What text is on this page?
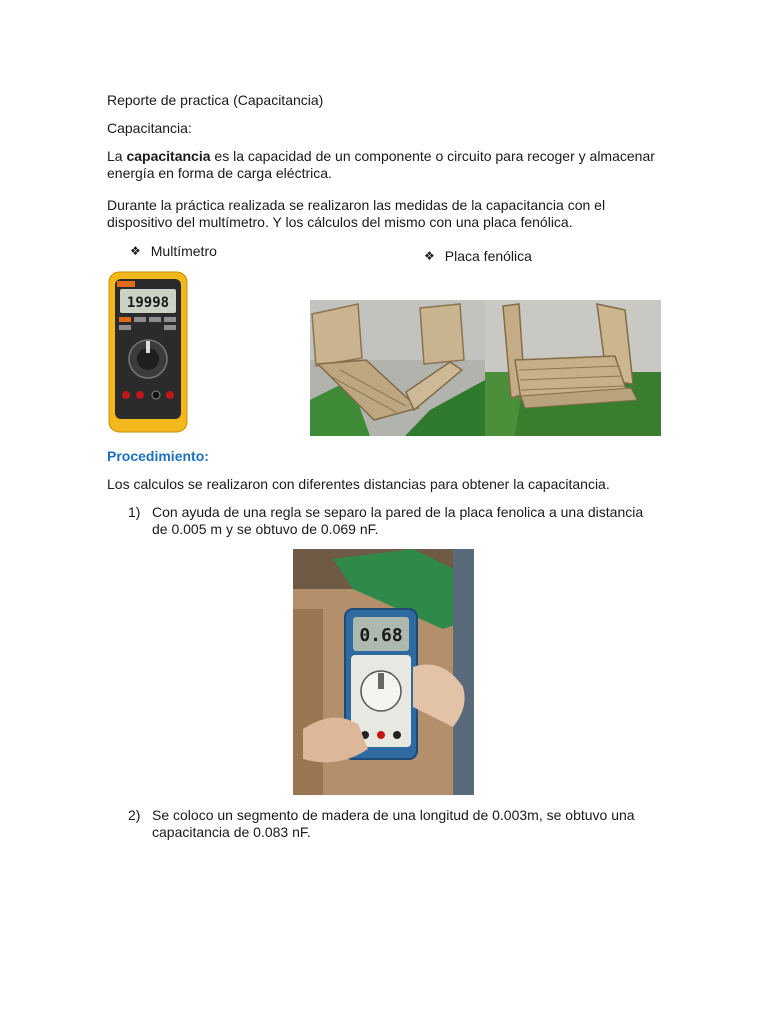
Reporte de practica (Capacitancia)
Capacitancia:
La capacitancia es la capacidad de un componente o circuito para recoger y almacenar energía en forma de carga eléctrica.
Durante la práctica realizada se realizaron las medidas de la capacitancia con el dispositivo del multímetro. Y los cálculos del mismo con una placa fenólica.
❖ Multímetro	❖ Placa fenólica
19998
Procedimiento:
Los calculos se realizaron con diferentes distancias para obtener la capacitancia.
1) Con ayuda de una regla se separo la pared de la placa fenolica a una distancia de 0.005 m y se obtuvo de 0.069 nF.
0.68
2) Se coloco un segmento de madera de una longitud de 0.003m, se obtuvo una capacitancia de 0.083 nF.
